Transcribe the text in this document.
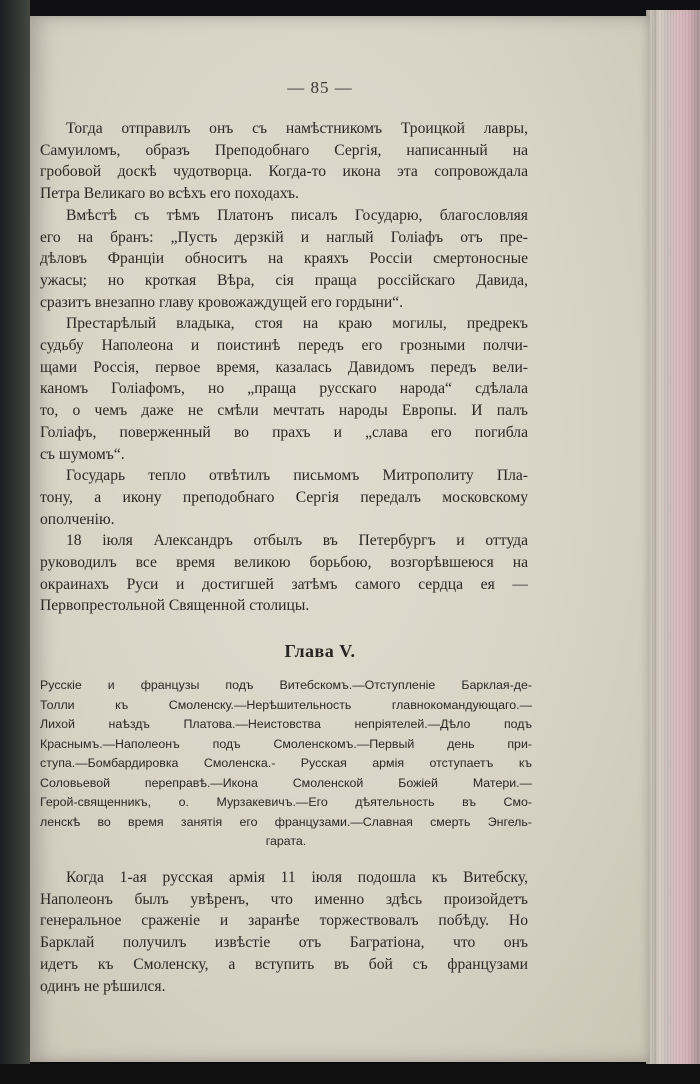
— 85 —
Тогда отправилъ онъ съ намѣстникомъ Троицкой лавры,
Самуиломъ, образъ Преподобнаго Сергія, написанный на
гробовой доскѣ чудотворца. Когда-то икона эта сопровождала
Петра Великаго во всѣхъ его походахъ.
Вмѣстѣ съ тѣмъ Платонъ писалъ Государю, благословляя
его на бранъ: „Пусть дерзкій и наглый Голіафъ отъ пре-
дѣловъ Франціи обноситъ на краяхъ Россіи смертоносные
ужасы; но кроткая Вѣра, сія праща россійскаго Давида,
сразитъ внезапно главу кровожаждущей его гордыни“.
Престарѣлый владыка, стоя на краю могилы, предрекъ
судьбу Наполеона и поистинѣ передъ его грозными полчи-
щами Россія, первое время, казалась Давидомъ передъ вели-
каномъ Голіафомъ, но „праща русскаго народа“ сдѣлала
то, о чемъ даже не смѣли мечтать народы Европы. И палъ
Голіафъ, поверженный во прахъ и „слава его погибла
съ шумомъ“.
Государь тепло отвѣтилъ письмомъ Митрополиту Пла-
тону, а икону преподобнаго Сергія передалъ московскому
ополченію.
18 іюля Александръ отбылъ въ Петербургъ и оттуда
руководилъ все время великою борьбою, возгорѣвшеюся на
окраинахъ Руси и достигшей затѣмъ самого сердца ея —
Первопрестольной Священной столицы.
Глава V.
Русскіе и французы подъ Витебскомъ.—Отступленіе Барклая-де-
Толли къ Смоленску.—Нерѣшительность главнокомандующаго.—
Лихой наѣздъ Платова.—Неистовства непріятелей.—Дѣло подъ
Краснымъ.—Наполеонъ подъ Смоленскомъ.—Первый день при-
ступа.—Бомбардировка Смоленска.- Русская армія отступаетъ къ
Соловьевой переправѣ.—Икона Смоленской Божіей Матери.—
Герой-священникъ, о. Мурзакевичъ.—Его дѣятельность въ Смо-
ленскѣ во время занятія его французами.—Славная смерть Энгель-
гарата.
Когда 1-ая русская армія 11 іюля подошла къ Витебску,
Наполеонъ былъ увѣренъ, что именно здѣсь произойдетъ
генеральное сраженіе и заранѣе торжествовалъ побѣду. Но
Барклай получилъ извѣстіе отъ Багратіона, что онъ
идетъ къ Смоленску, а вступить въ бой съ французами
одинъ не рѣшился.
